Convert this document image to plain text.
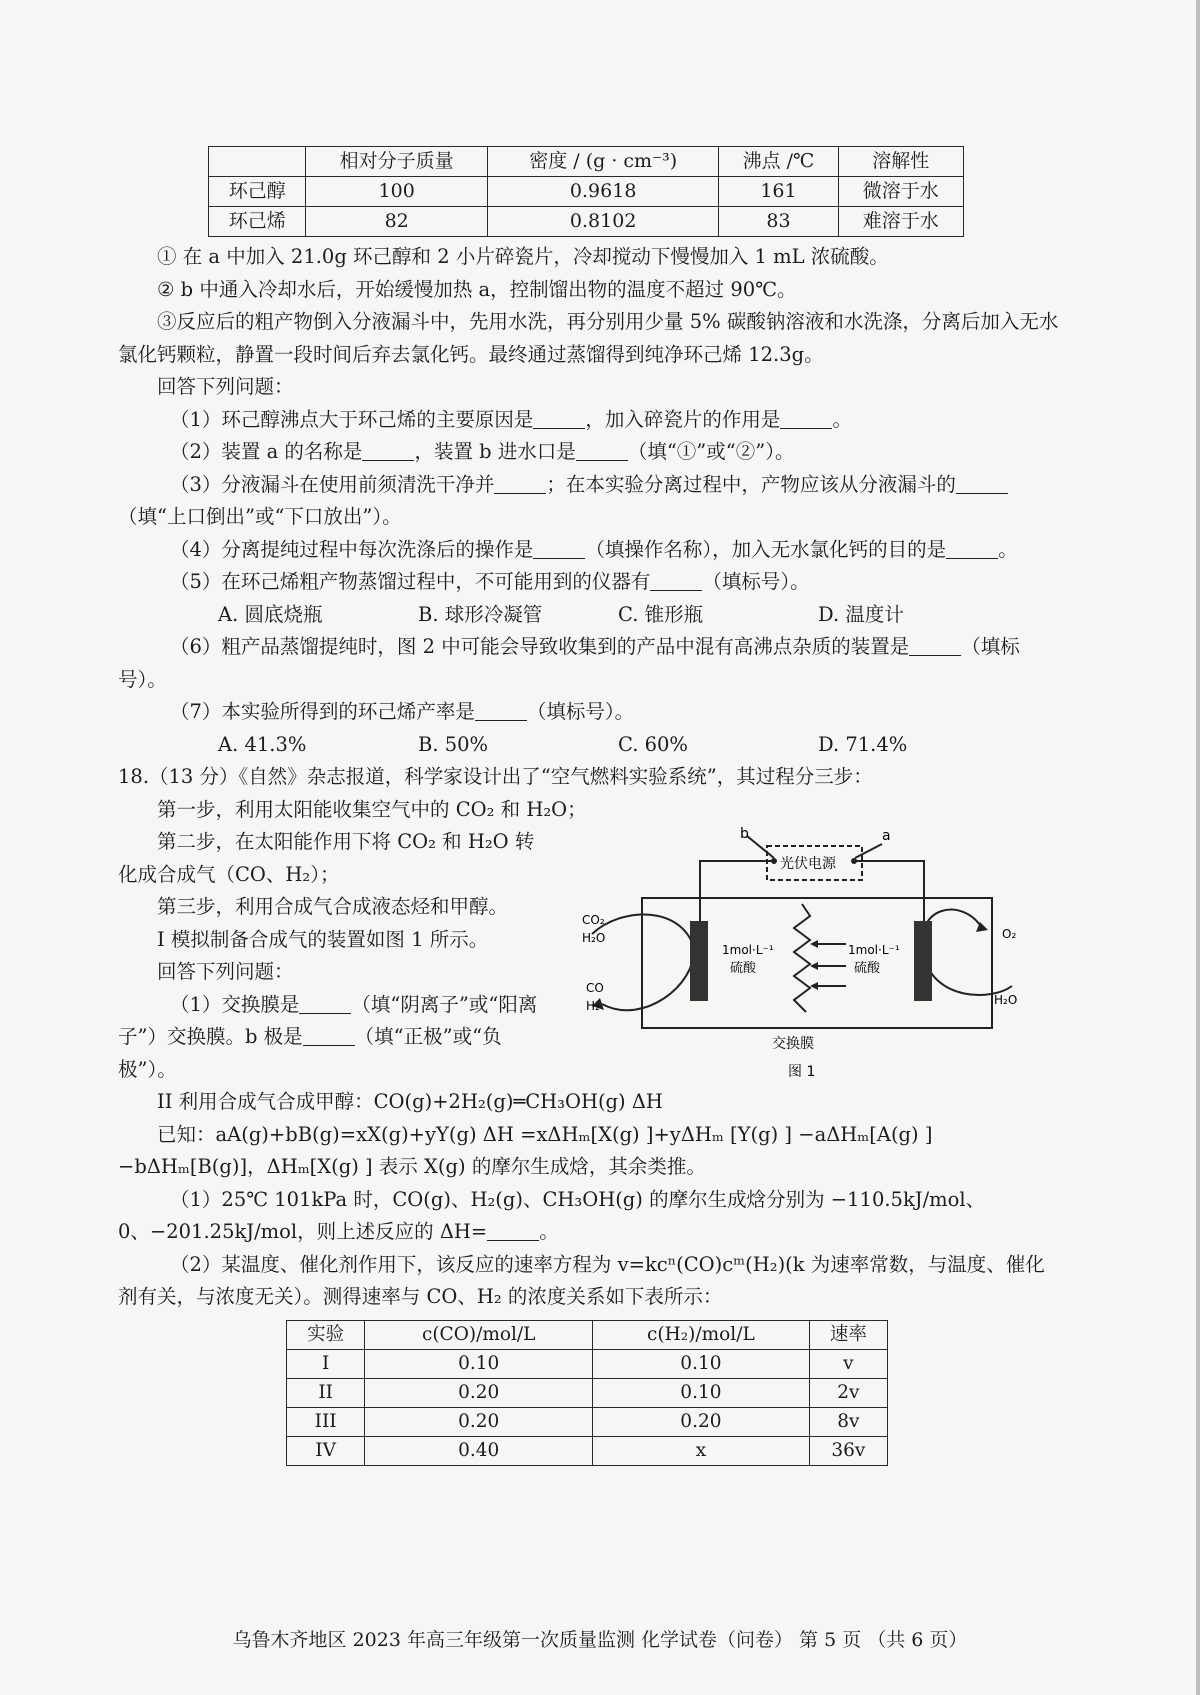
	相对分子质量	密度 / (g · cm⁻³)	沸点 /℃	溶解性
环己醇	100	0.9618	161	微溶于水
环己烯	82	0.8102	83	难溶于水

① 在 a 中加入 21.0g 环己醇和 2 小片碎瓷片，冷却搅动下慢慢加入 1 mL 浓硫酸。

② b 中通入冷却水后，开始缓慢加热 a，控制馏出物的温度不超过 90℃。

③反应后的粗产物倒入分液漏斗中，先用水洗，再分别用少量 5% 碳酸钠溶液和水洗涤，分离后加入无水氯化钙颗粒，静置一段时间后弃去氯化钙。最终通过蒸馏得到纯净环己烯 12.3g。

回答下列问题：

（1）环己醇沸点大于环己烯的主要原因是	，加入碎瓷片的作用是	。

（2）装置 a 的名称是	，装置 b 进水口是	（填“①”或“②”）。

（3）分液漏斗在使用前须清洗干净并	；在本实验分离过程中，产物应该从分液漏斗的（填“上口倒出”或“下口放出”）。

（4）分离提纯过程中每次洗涤后的操作是	（填操作名称），加入无水氯化钙的目的是	。

（5）在环己烯粗产物蒸馏过程中，不可能用到的仪器有	（填标号）。

A. 圆底烧瓶	B. 球形冷凝管	C. 锥形瓶	D. 温度计

（6）粗产品蒸馏提纯时，图 2 中可能会导致收集到的产品中混有高沸点杂质的装置是	（填标号）。

（7）本实验所得到的环己烯产率是	（填标号）。

A. 41.3%	B. 50%	C. 60%	D. 71.4%

18.（13 分）《自然》杂志报道，科学家设计出了“空气燃料实验系统”，其过程分三步：

第一步，利用太阳能收集空气中的 CO₂ 和 H₂O；

第二步，在太阳能作用下将 CO₂ 和 H₂O 转化成合成气（CO、H₂）；

第三步，利用合成气合成液态烃和甲醇。

I 模拟制备合成气的装置如图 1 所示。

回答下列问题：

（1）交换膜是	（填“阴离子”或“阳离子”）交换膜。b 极是	（填“正极”或“负极”）。

b	a
光伏电源
CO₂
H₂O
CO
H₂
1mol·L⁻¹
硫酸
1mol·L⁻¹
硫酸
O₂
H₂O
交换膜
图 1

II 利用合成气合成甲醇：CO(g)+2H₂(g)═CH₃OH(g) ΔH

已知：aA(g)+bB(g)=xX(g)+yY(g) ΔH =xΔHₘ[X(g) ]+yΔHₘ [Y(g) ] −aΔHₘ[A(g) ]−bΔHₘ[B(g)]，ΔHₘ[X(g) ] 表示 X(g) 的摩尔生成焓，其余类推。

（1）25℃ 101kPa 时，CO(g)、H₂(g)、CH₃OH(g) 的摩尔生成焓分别为 −110.5kJ/mol、0、−201.25kJ/mol，则上述反应的 ΔH=	。

（2）某温度、催化剂作用下，该反应的速率方程为 v=kcⁿ(CO)cᵐ(H₂)(k 为速率常数，与温度、催化剂有关，与浓度无关）。测得速率与 CO、H₂ 的浓度关系如下表所示：

实验	c(CO)/mol/L	c(H₂)/mol/L	速率
I	0.10	0.10	v
II	0.20	0.10	2v
III	0.20	0.20	8v
IV	0.40	x	36v
乌鲁木齐地区 2023 年高三年级第一次质量监测 化学试卷（问卷） 第 5 页 （共 6 页）
